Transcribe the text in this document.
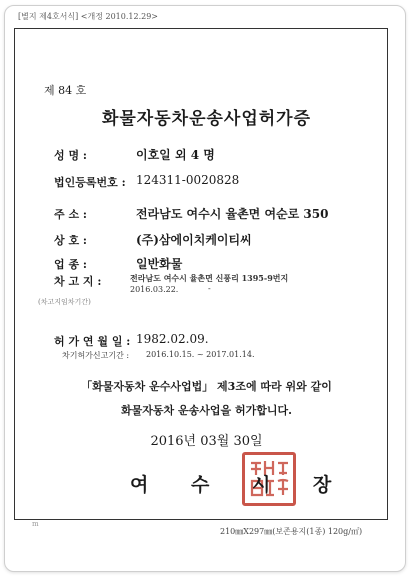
[별지 제4호서식] <개정 2010.12.29>
제 84 호
화물자동차운송사업허가증
성 명 :	이호일 외 4 명
법인등록번호 : 124311-0020828
주 소 :	전라남도 여수시 율촌면 여순로 350
상 호 :	(주)삼에이치케이티씨
업 종 :	일반화물
차 고 지 :	전라남도 여수시 율촌면 신풍리 1395-9번지
2016.03.22.	-
(차고지임차기간)
허 가 연 월 일 : 1982.02.09.
차기허가신고기간 : 2016.10.15. ~ 2017.01.14.
「화물자동차 운수사업법」 제3조에 따라 위와 같이
화물자동차 운송사업을 허가합니다.
2016년 03월 30일
여 수 시 장
m
210㎜X297㎜(보존용지(1종) 120g/㎡)
